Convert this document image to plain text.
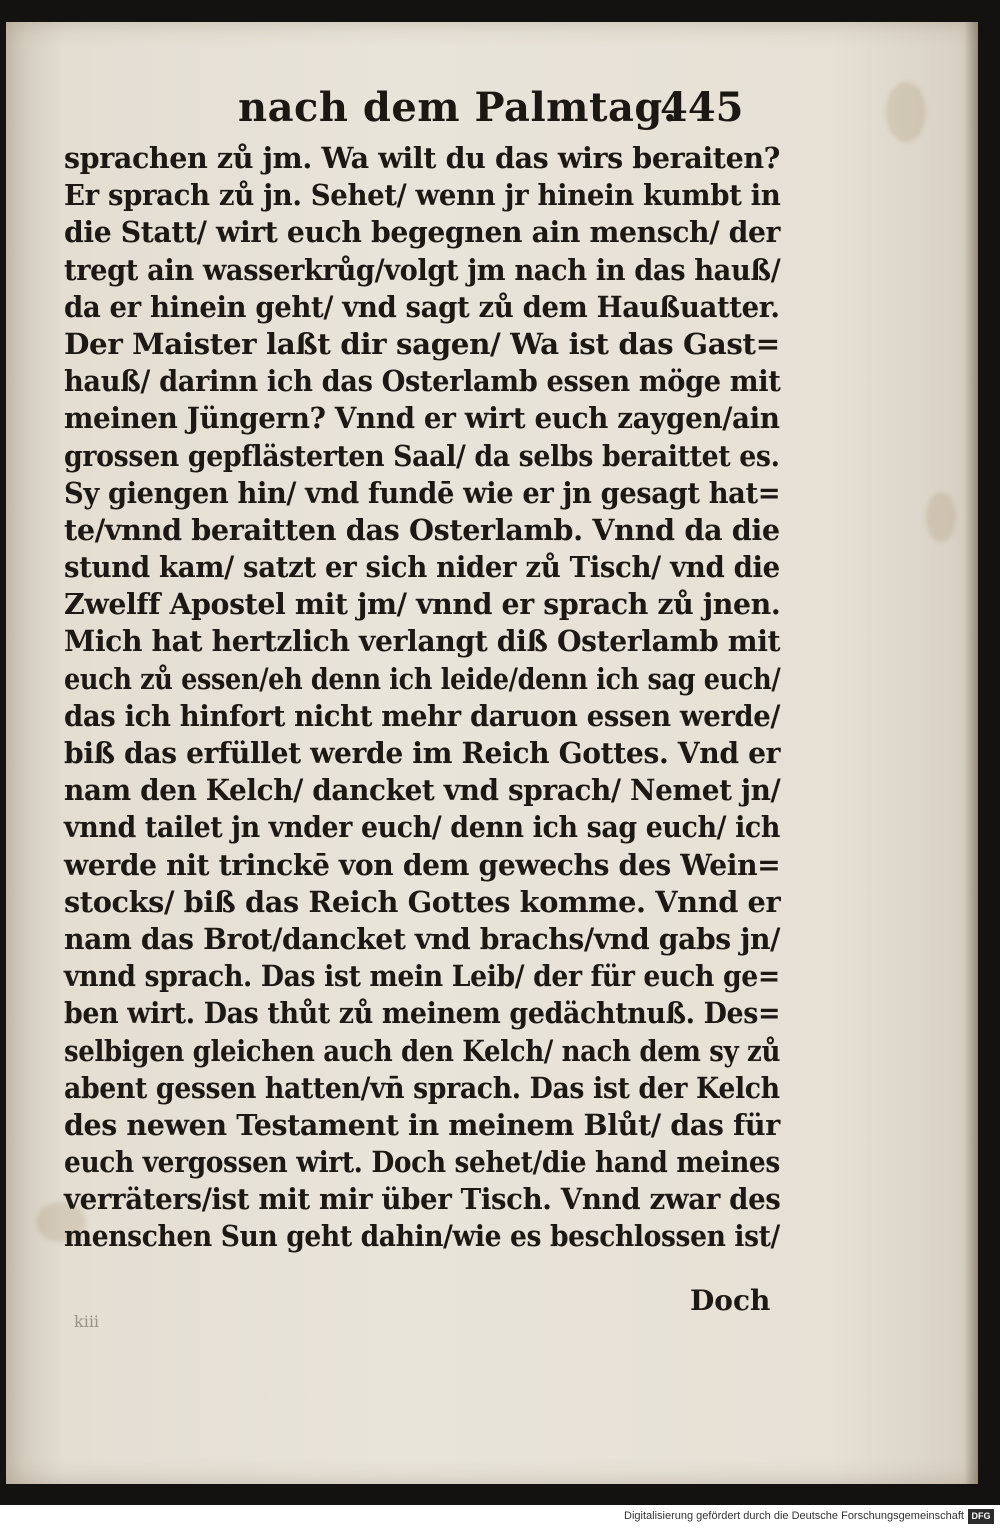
nach dem Palmtag.
445
sprachen zů jm. Wa wilt du das wirs beraiten?
Er sprach zů jn. Sehet/ wenn jr hinein kumbt in
die Statt/ wirt euch begegnen ain mensch/ der
tregt ain wasserkrůg/volgt jm nach in das hauß/
da er hinein geht/ vnd sagt zů dem Haußuatter.
Der Maister laßt dir sagen/ Wa ist das Gast=
hauß/ darinn ich das Osterlamb essen möge mit
meinen Jüngern? Vnnd er wirt euch zaygen/ain
grossen gepflästerten Saal/ da selbs beraittet es.
Sy giengen hin/ vnd fundē wie er jn gesagt hat=
te/vnnd beraitten das Osterlamb. Vnnd da die
stund kam/ satzt er sich nider zů Tisch/ vnd die
Zwelff Apostel mit jm/ vnnd er sprach zů jnen.
Mich hat hertzlich verlangt diß Osterlamb mit
euch zů essen/eh denn ich leide/denn ich sag euch/
das ich hinfort nicht mehr daruon essen werde/
biß das erfüllet werde im Reich Gottes. Vnd er
nam den Kelch/ dancket vnd sprach/ Nemet jn/
vnnd tailet jn vnder euch/ denn ich sag euch/ ich
werde nit trinckē von dem gewechs des Wein=
stocks/ biß das Reich Gottes komme. Vnnd er
nam das Brot/dancket vnd brachs/vnd gabs jn/
vnnd sprach. Das ist mein Leib/ der für euch ge=
ben wirt. Das thůt zů meinem gedächtnuß. Des=
selbigen gleichen auch den Kelch/ nach dem sy zů
abent gessen hatten/vn̄ sprach. Das ist der Kelch
des newen Testament in meinem Blůt/ das für
euch vergossen wirt. Doch sehet/die hand meines
verräters/ist mit mir über Tisch. Vnnd zwar des
menschen Sun geht dahin/wie es beschlossen ist/
Doch
kiii
Digitalisierung gefördert durch die Deutsche Forschungsgemeinschaft DFG
